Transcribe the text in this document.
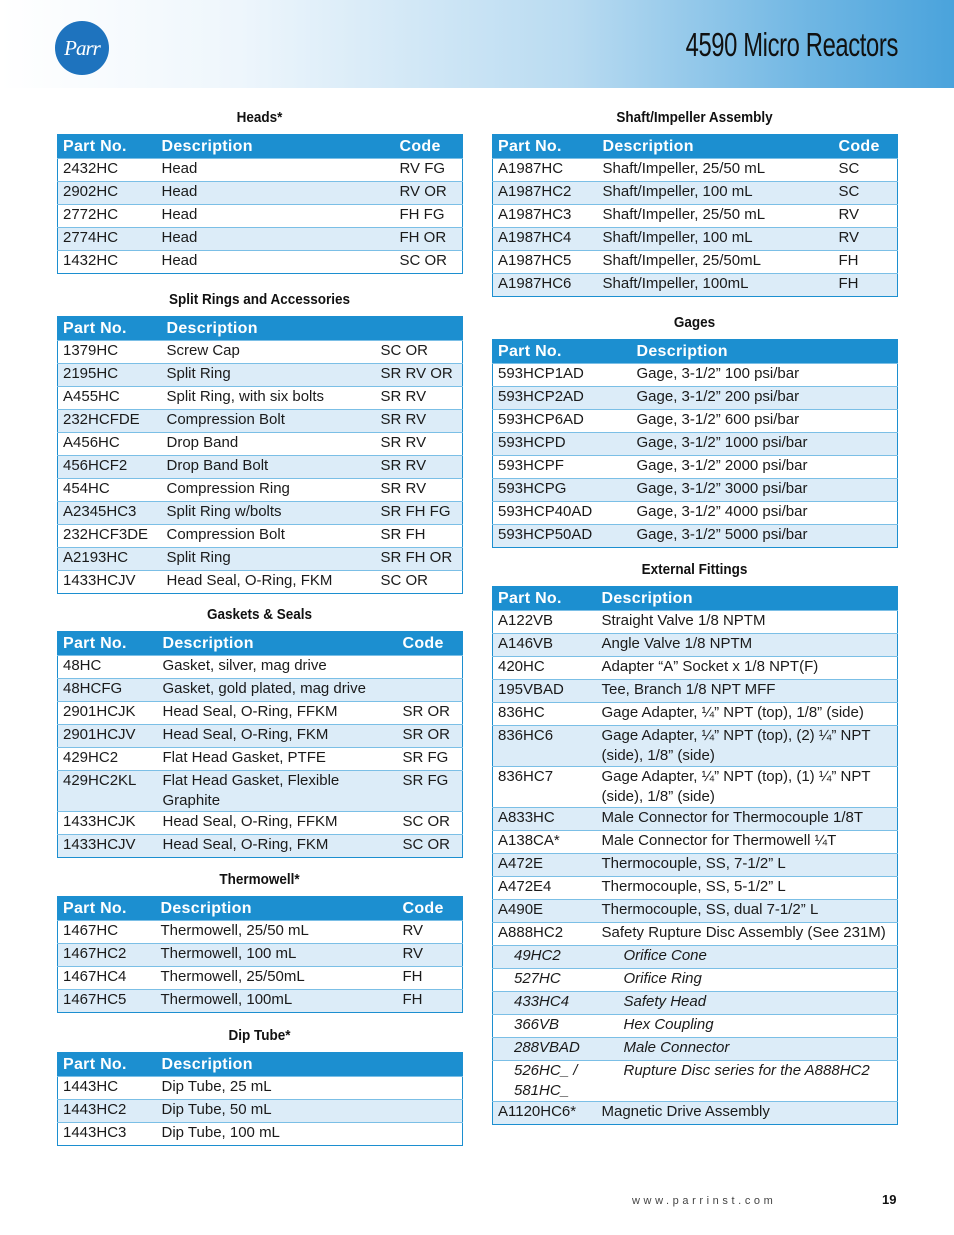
Parr	4590 Micro Reactors
Heads*
Part No.	Description	Code
2432HC	Head	RV FG
2902HC	Head	RV OR
2772HC	Head	FH FG
2774HC	Head	FH OR
1432HC	Head	SC OR
Split Rings and Accessories
Part No.	Description	
1379HC	Screw Cap	SC OR
2195HC	Split Ring	SR RV OR
A455HC	Split Ring, with six bolts	SR RV
232HCFDE	Compression Bolt	SR RV
A456HC	Drop Band	SR RV
456HCF2	Drop Band Bolt	SR RV
454HC	Compression Ring	SR RV
A2345HC3	Split Ring w/bolts	SR FH FG
232HCF3DE	Compression Bolt	SR FH
A2193HC	Split Ring	SR FH OR
1433HCJV	Head Seal, O-Ring, FKM	SC OR
Gaskets & Seals
Part No.	Description	Code
48HC	Gasket, silver, mag drive	
48HCFG	Gasket, gold plated, mag drive	
2901HCJK	Head Seal, O-Ring, FFKM	SR OR
2901HCJV	Head Seal, O-Ring, FKM	SR OR
429HC2	Flat Head Gasket, PTFE	SR FG
429HC2KL	Flat Head Gasket, Flexible Graphite	SR FG
1433HCJK	Head Seal, O-Ring, FFKM	SC OR
1433HCJV	Head Seal, O-Ring, FKM	SC OR
Thermowell*
Part No.	Description	Code
1467HC	Thermowell, 25/50 mL	RV
1467HC2	Thermowell, 100 mL	RV
1467HC4	Thermowell, 25/50mL	FH
1467HC5	Thermowell, 100mL	FH
Dip Tube*
Part No.	Description
1443HC	Dip Tube, 25 mL
1443HC2	Dip Tube, 50 mL
1443HC3	Dip Tube, 100 mL
Shaft/Impeller Assembly
Part No.	Description	Code
A1987HC	Shaft/Impeller, 25/50 mL	SC
A1987HC2	Shaft/Impeller, 100 mL	SC
A1987HC3	Shaft/Impeller, 25/50 mL	RV
A1987HC4	Shaft/Impeller, 100 mL	RV
A1987HC5	Shaft/Impeller, 25/50mL	FH
A1987HC6	Shaft/Impeller, 100mL	FH
Gages
Part No.	Description
593HCP1AD	Gage, 3-1/2” 100 psi/bar
593HCP2AD	Gage, 3-1/2” 200 psi/bar
593HCP6AD	Gage, 3-1/2” 600 psi/bar
593HCPD	Gage, 3-1/2” 1000 psi/bar
593HCPF	Gage, 3-1/2” 2000 psi/bar
593HCPG	Gage, 3-1/2” 3000 psi/bar
593HCP40AD	Gage, 3-1/2” 4000 psi/bar
593HCP50AD	Gage, 3-1/2” 5000 psi/bar
External Fittings
Part No.	Description
A122VB	Straight Valve 1/8 NPTM
A146VB	Angle Valve 1/8 NPTM
420HC	Adapter “A” Socket x 1/8 NPT(F)
195VBAD	Tee, Branch 1/8 NPT MFF
836HC	Gage Adapter, ¼” NPT (top), 1/8” (side)
836HC6	Gage Adapter, ¼” NPT (top), (2) ¼” NPT (side), 1/8” (side)
836HC7	Gage Adapter, ¼” NPT (top), (1) ¼” NPT (side), 1/8” (side)
A833HC	Male Connector for Thermocouple 1/8T
A138CA*	Male Connector for Thermowell ¼T
A472E	Thermocouple, SS, 7-1/2” L
A472E4	Thermocouple, SS, 5-1/2” L
A490E	Thermocouple, SS, dual 7-1/2” L
A888HC2	Safety Rupture Disc Assembly (See 231M)
49HC2	Orifice Cone
527HC	Orifice Ring
433HC4	Safety Head
366VB	Hex Coupling
288VBAD	Male Connector
526HC_ / 581HC_	Rupture Disc series for the A888HC2
A1120HC6*	Magnetic Drive Assembly
www.parrinst.com	19
